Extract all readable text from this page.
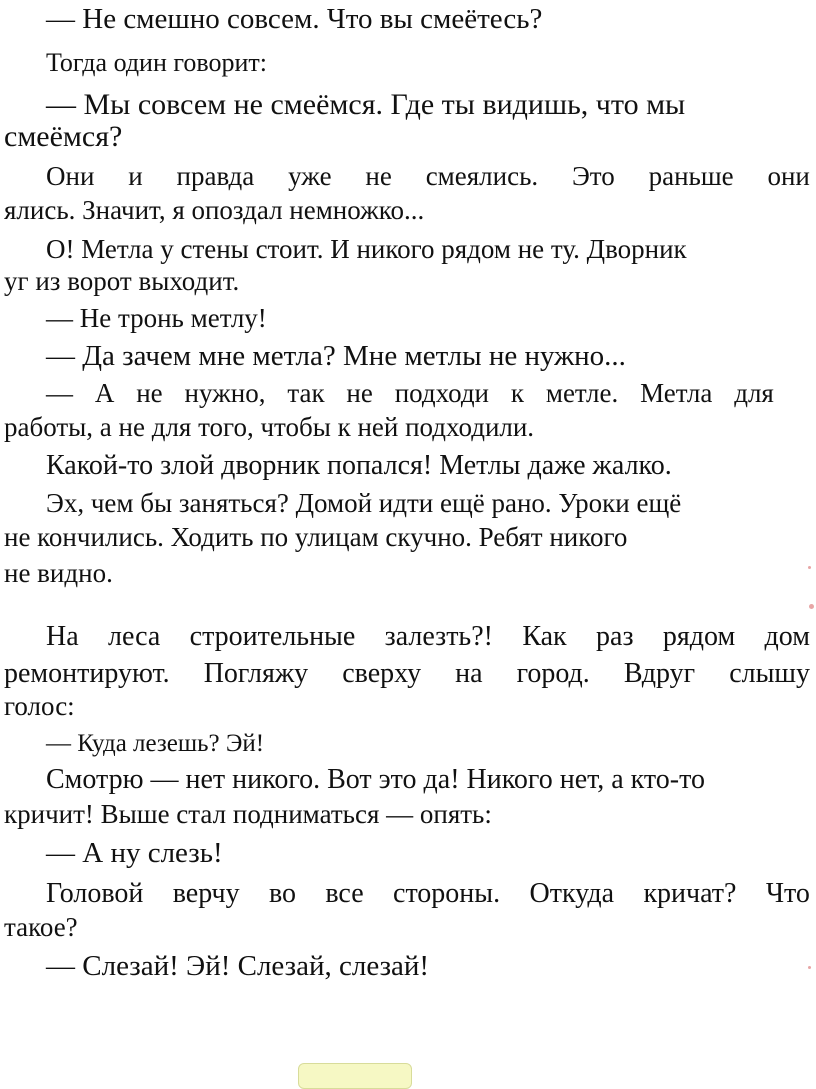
— Не смешно совсем. Что вы смеётесь?
Тогда один говорит:
— Мы совсем не смеёмся. Где ты видишь, что мы
смеёмся?
Они и правда уже не смеялись. Это раньше они
ялись. Значит, я опоздал немножко...
О! Метла у стены стоит. И никого рядом не ту. Дворник
уг из ворот выходит.
— Не тронь метлу!
— Да зачем мне метла? Мне метлы не нужно...
— А не нужно, так не подходи к метле. Метла для
работы, а не для того, чтобы к ней подходили.
Какой-то злой дворник попался! Метлы даже жалко.
Эх, чем бы заняться? Домой идти ещё рано. Уроки ещё
не кончились. Ходить по улицам скучно. Ребят никого
не видно.
На леса строительные залезть?! Как раз рядом дом
ремонтируют. Погляжу сверху на город. Вдруг слышу
голос:
— Куда лезешь? Эй!
Смотрю — нет никого. Вот это да! Никого нет, а кто-то
кричит! Выше стал подниматься — опять:
— А ну слезь!
Головой верчу во все стороны. Откуда кричат? Что
такое?
— Слезай! Эй! Слезай, слезай!
